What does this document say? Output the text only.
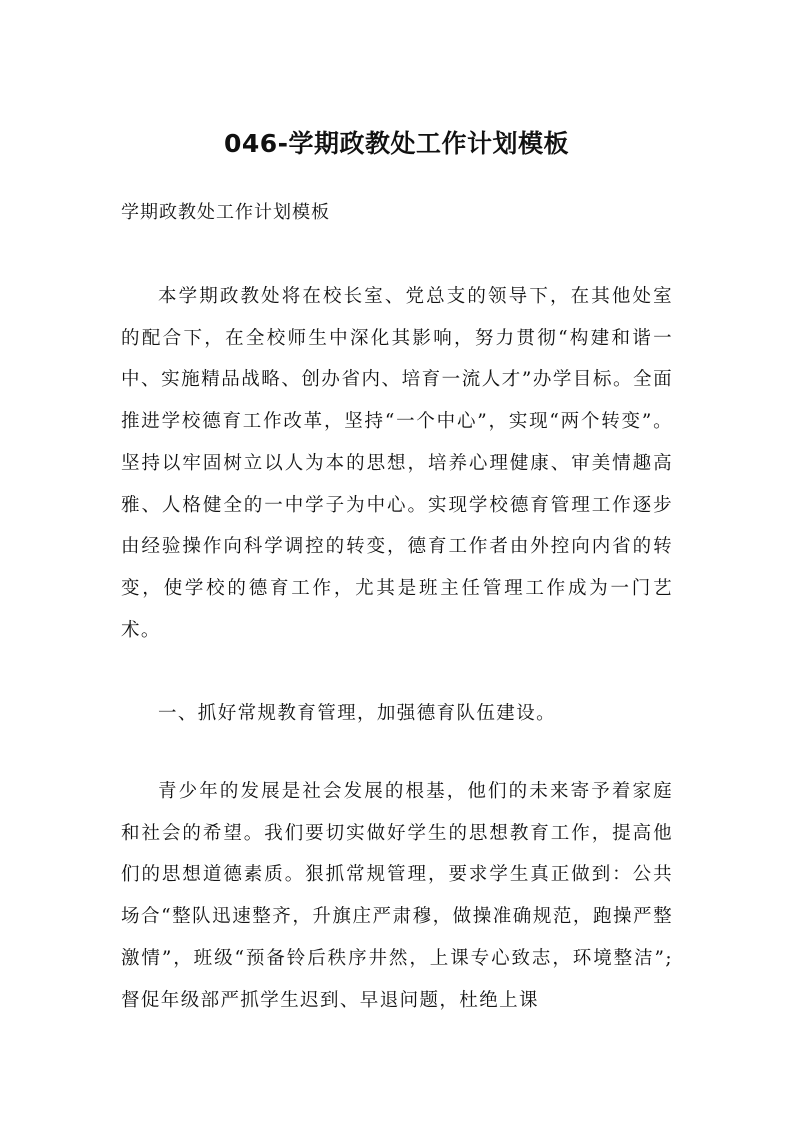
046-学期政教处工作计划模板
学期政教处工作计划模板
本学期政教处将在校长室、党总支的领导下，在其他处室的配合下，在全校师生中深化其影响，努力贯彻“构建和谐一中、实施精品战略、创办省内、培育一流人才”办学目标。全面推进学校德育工作改革，坚持“一个中心”，实现“两个转变”。坚持以牢固树立以人为本的思想，培养心理健康、审美情趣高雅、人格健全的一中学子为中心。实现学校德育管理工作逐步由经验操作向科学调控的转变，德育工作者由外控向内省的转变，使学校的德育工作，尤其是班主任管理工作成为一门艺术。
一、抓好常规教育管理，加强德育队伍建设。
青少年的发展是社会发展的根基，他们的未来寄予着家庭和社会的希望。我们要切实做好学生的思想教育工作，提高他们的思想道德素质。狠抓常规管理，要求学生真正做到：公共场合“整队迅速整齐，升旗庄严肃穆，做操准确规范，跑操严整激情”，班级“预备铃后秩序井然，上课专心致志，环境整洁”;督促年级部严抓学生迟到、早退问题，杜绝上课
